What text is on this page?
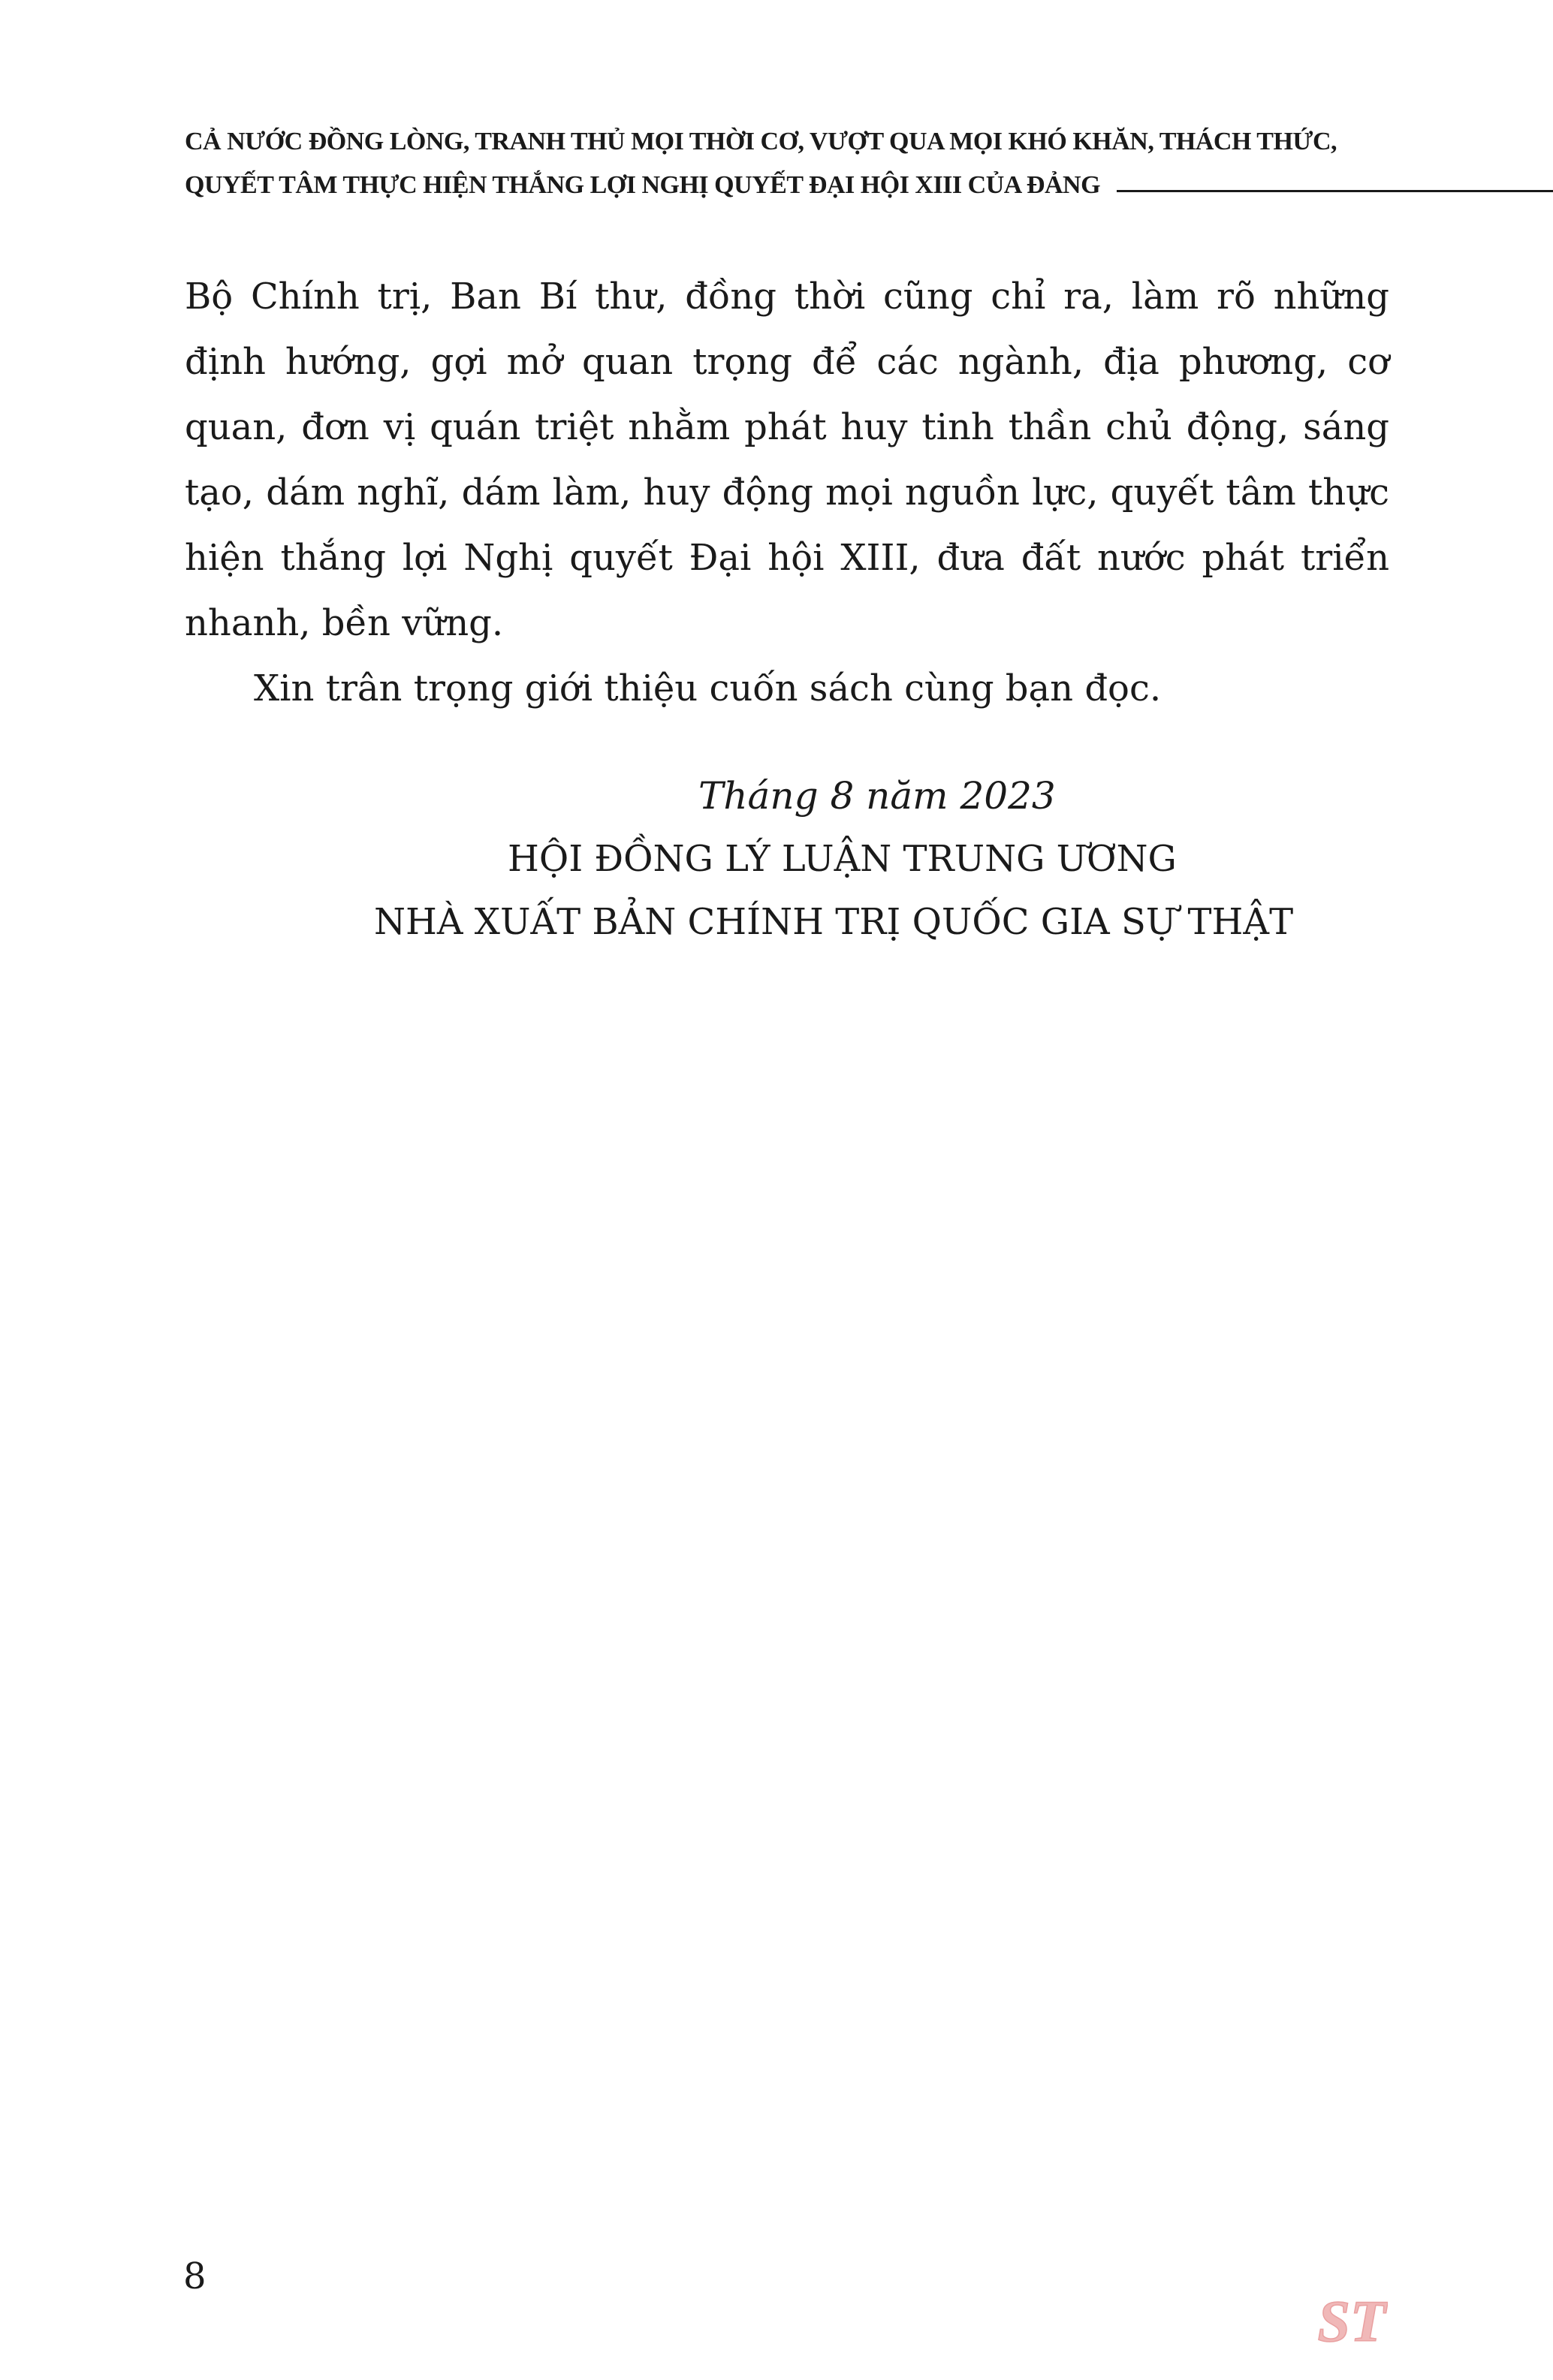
CẢ NƯỚC ĐỒNG LÒNG, TRANH THỦ MỌI THỜI CƠ, VƯỢT QUA MỌI KHÓ KHĂN, THÁCH THỨC,
QUYẾT TÂM THỰC HIỆN THẮNG LỢI NGHỊ QUYẾT ĐẠI HỘI XIII CỦA ĐẢNG

Bộ Chính trị, Ban Bí thư, đồng thời cũng chỉ ra, làm rõ những định hướng, gợi mở quan trọng để các ngành, địa phương, cơ quan, đơn vị quán triệt nhằm phát huy tinh thần chủ động, sáng tạo, dám nghĩ, dám làm, huy động mọi nguồn lực, quyết tâm thực hiện thắng lợi Nghị quyết Đại hội XIII, đưa đất nước phát triển nhanh, bền vững.

Xin trân trọng giới thiệu cuốn sách cùng bạn đọc.

Tháng 8 năm 2023
HỘI ĐỒNG LÝ LUẬN TRUNG ƯƠNG
NHÀ XUẤT BẢN CHÍNH TRỊ QUỐC GIA SỰ THẬT
8
ST
